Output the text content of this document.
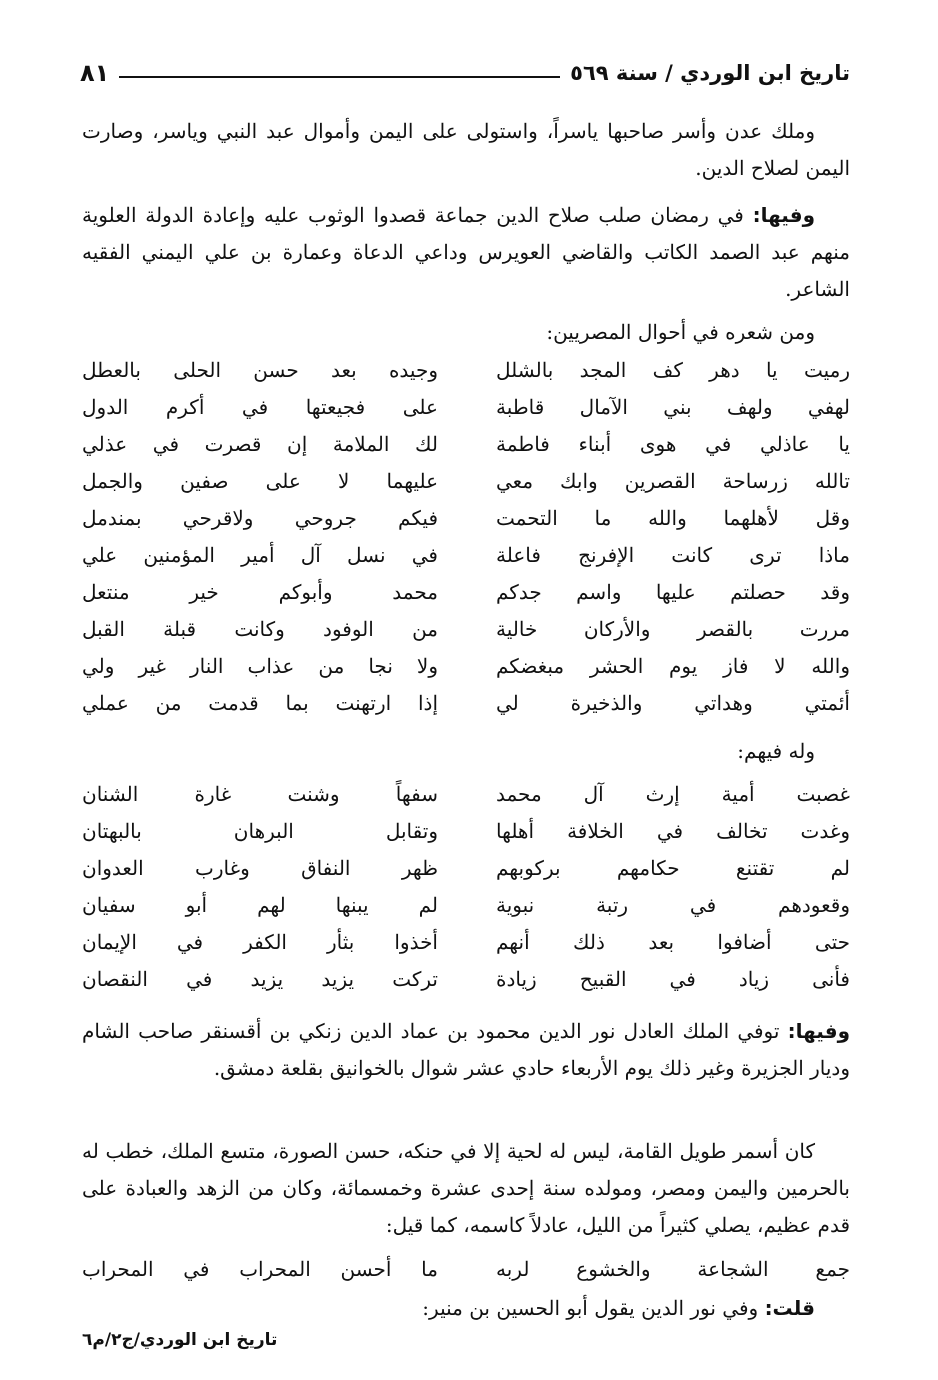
تاريخ ابن الوردي / سنة ٥٦٩
٨١
وملك عدن وأسر صاحبها ياسراً، واستولى على اليمن وأموال عبد النبي وياسر، وصارت اليمن لصلاح الدين.
وفيها: في رمضان صلب صلاح الدين جماعة قصدوا الوثوب عليه وإعادة الدولة العلوية منهم عبد الصمد الكاتب والقاضي العويرس وداعي الدعاة وعمارة بن علي اليمني الفقيه الشاعر.
ومن شعره في أحوال المصريين:
رميت يا دهر كف المجد بالشلل
وجيده بعد حسن الحلى بالعطل
لهفي ولهف بني الآمال قاطبة
على فجيعتها في أكرم الدول
يا عاذلي في هوى أبناء فاطمة
لك الملامة إن قصرت في عذلي
تالله زرساحة القصرين وابك معي
عليهما لا على صفين والجمل
وقل لأهلهما والله ما التحمت
فيكم جروحي ولاقرحي بمندمل
ماذا ترى كانت الإفرنج فاعلة
في نسل آل أمير المؤمنين علي
وقد حصلتم عليها واسم جدكم
محمد وأبوكم خير منتعل
مررت بالقصر والأركان خالية
من الوفود وكانت قبلة القبل
والله لا فاز يوم الحشر مبغضكم
ولا نجا من عذاب النار غير ولي
أئمتي وهداتي والذخيرة لي
إذا ارتهنت بما قدمت من عملي
وله فيهم:
غصبت أمية إرث آل محمد
سفهاً وشنت غارة الشنان
وغدت تخالف في الخلافة أهلها
وتقابل البرهان بالبهتان
لم تقتنع حكامهم بركوبهم
ظهر النفاق وغارب العدوان
وقعودهم في رتبة نبوية
لم يبنها لهم أبو سفيان
حتى أضافوا بعد ذلك أنهم
أخذوا بثأر الكفر في الإيمان
فأنى زياد في القبيح زيادة
تركت يزيد يزيد في النقصان
وفيها: توفي الملك العادل نور الدين محمود بن عماد الدين زنكي بن أقسنقر صاحب الشام وديار الجزيرة وغير ذلك يوم الأربعاء حادي عشر شوال بالخوانيق بقلعة دمشق.
كان أسمر طويل القامة، ليس له لحية إلا في حنكه، حسن الصورة، متسع الملك، خطب له بالحرمين واليمن ومصر، ومولده سنة إحدى عشرة وخمسمائة، وكان من الزهد والعبادة على قدم عظيم، يصلي كثيراً من الليل، عادلاً كاسمه، كما قيل:
جمع الشجاعة والخشوع لربه
ما أحسن المحراب في المحراب
قلت: وفي نور الدين يقول أبو الحسين بن منير:
تاريخ ابن الوردي/ج٢/م٦
